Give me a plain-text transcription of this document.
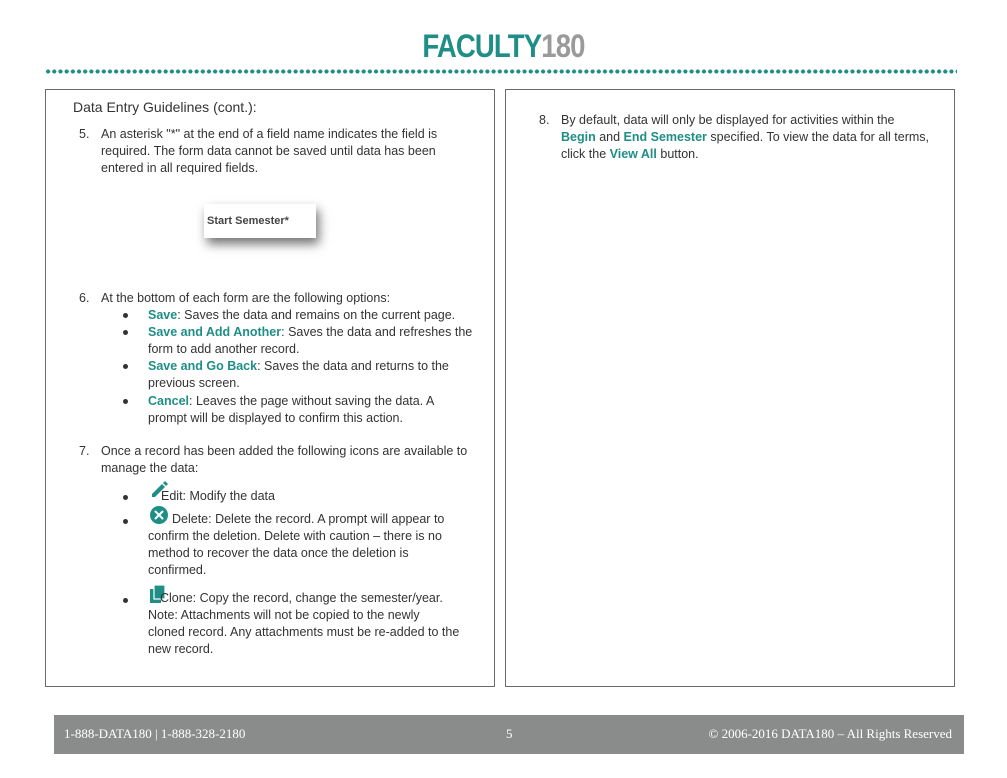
FACULTY180
Data Entry Guidelines (cont.):
5. An asterisk "*" at the end of a field name indicates the field is
required. The form data cannot be saved until data has been
entered in all required fields.
Start Semester*
6. At the bottom of each form are the following options:
Save: Saves the data and remains on the current page.
Save and Add Another: Saves the data and refreshes the
form to add another record.
Save and Go Back: Saves the data and returns to the
previous screen.
Cancel: Leaves the page without saving the data. A
prompt will be displayed to confirm this action.
7. Once a record has been added the following icons are available to
manage the data:
Edit: Modify the data
Delete: Delete the record. A prompt will appear to
confirm the deletion. Delete with caution – there is no
method to recover the data once the deletion is
confirmed.
Clone: Copy the record, change the semester/year.
Note: Attachments will not be copied to the newly
cloned record. Any attachments must be re-added to the
new record.
8. By default, data will only be displayed for activities within the
Begin and End Semester specified. To view the data for all terms,
click the View All button.
1-888-DATA180 | 1-888-328-2180	5	© 2006-2016 DATA180 – All Rights Reserved
